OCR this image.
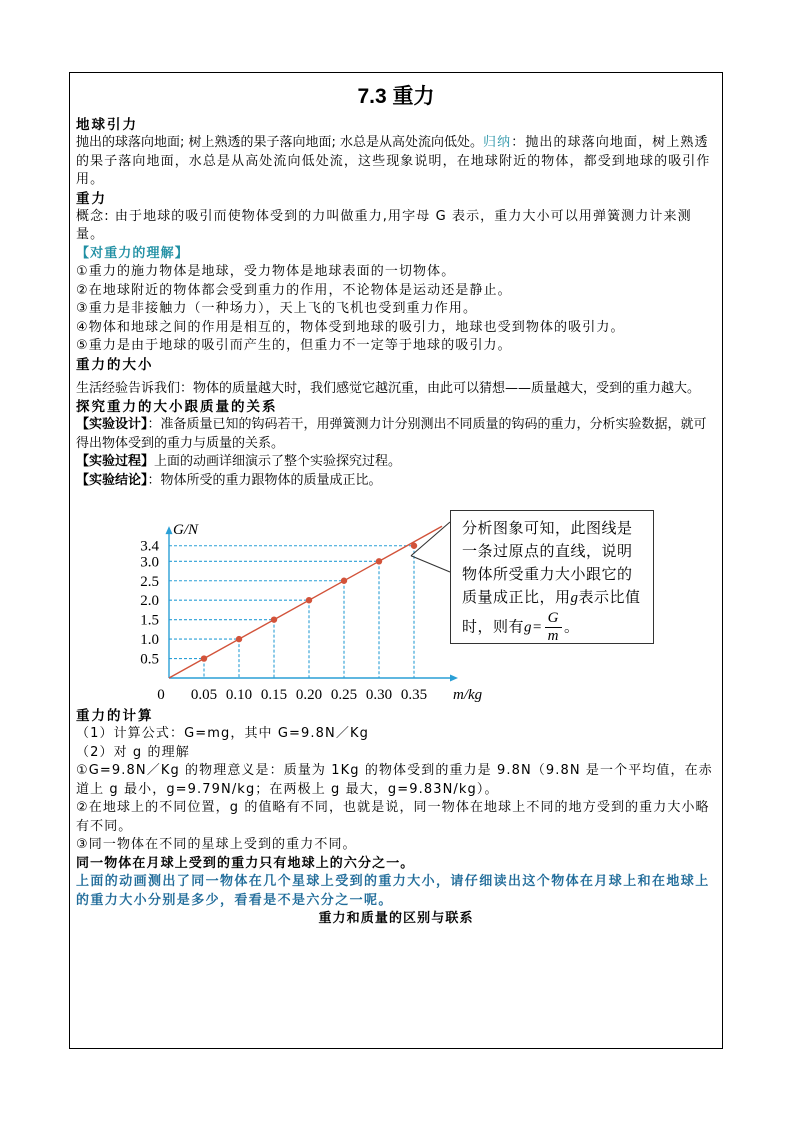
7.3 重力
地球引力
抛出的球落向地面; 树上熟透的果子落向地面; 水总是从高处流向低处。归纳：抛出的球落向地面，树上熟透的果子落向地面，水总是从高处流向低处流，这些现象说明，在地球附近的物体，都受到地球的吸引作用。
重力
概念: 由于地球的吸引而使物体受到的力叫做重力,用字母 G 表示，重力大小可以用弹簧测力计来测量。
【对重力的理解】
①重力的施力物体是地球，受力物体是地球表面的一切物体。
②在地球附近的物体都会受到重力的作用，不论物体是运动还是静止。
③重力是非接触力（一种场力），天上飞的飞机也受到重力作用。
④物体和地球之间的作用是相互的，物体受到地球的吸引力，地球也受到物体的吸引力。
⑤重力是由于地球的吸引而产生的，但重力不一定等于地球的吸引力。
重力的大小
生活经验告诉我们：物体的质量越大时，我们感觉它越沉重，由此可以猜想——质量越大，受到的重力越大。
探究重力的大小跟质量的关系
【实验设计】：准备质量已知的钩码若干，用弹簧测力计分别测出不同质量的钩码的重力，分析实验数据，就可得出物体受到的重力与质量的关系。
【实验过程】上面的动画详细演示了整个实验探究过程。
【实验结论】：物体所受的重力跟物体的质量成正比。
0.5
1.0
1.5
2.0
2.5
3.0
3.4
0.05 0.10 0.15 0.20 0.25 0.30 0.35
0
G/N
m/kg
分析图象可知，此图线是一条过原点的直线，说明物体所受重力大小跟它的质量成正比，用g表示比值时，则有$g= \frac{G}{m}$ 。
重力的计算
（1）计算公式：G=mg，其中 G=9.8N／Kg
（2）对 g 的理解
①G=9.8N／Kg 的物理意义是：质量为 1Kg 的物体受到的重力是 9.8N（9.8N 是一个平均值，在赤道上 g 最小，g=9.79N/kg；在两极上 g 最大，g=9.83N/kg）。
②在地球上的不同位置，g 的值略有不同，也就是说，同一物体在地球上不同的地方受到的重力大小略有不同。
③同一物体在不同的星球上受到的重力不同。
同一物体在月球上受到的重力只有地球上的六分之一。
上面的动画测出了同一物体在几个星球上受到的重力大小，请仔细读出这个物体在月球上和在地球上的重力大小分别是多少，看看是不是六分之一呢。
重力和质量的区别与联系
